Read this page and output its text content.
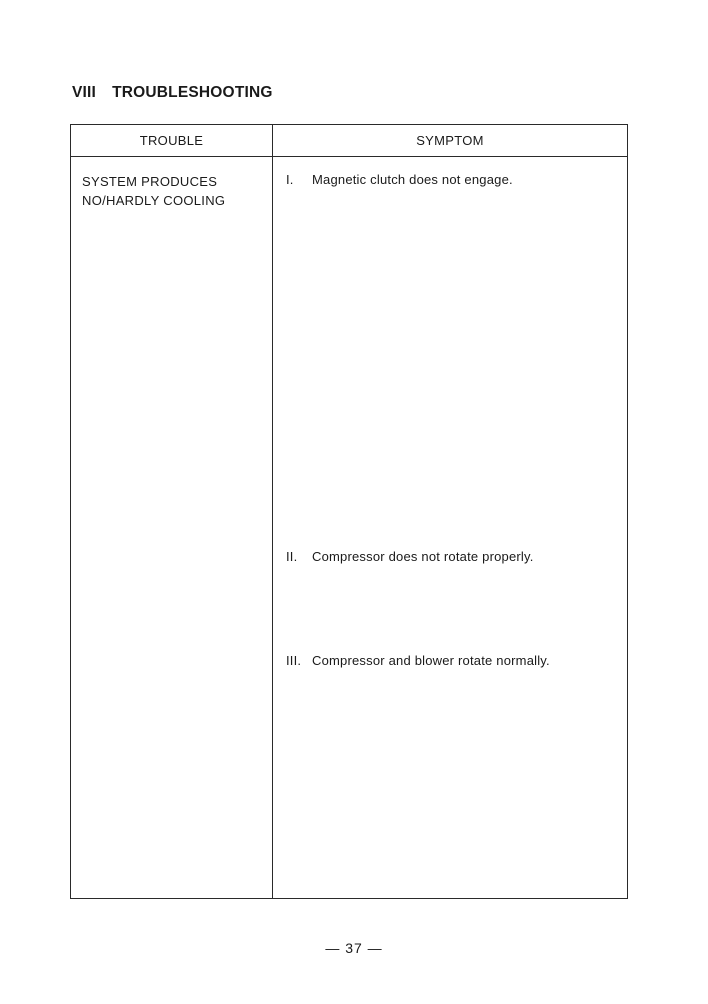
VIII TROUBLESHOOTING
TROUBLE	SYMPTOM
SYSTEM PRODUCES
NO/HARDLY COOLING
I. Magnetic clutch does not engage.
II. Compressor does not rotate properly.
III. Compressor and blower rotate normally.
— 37 —
